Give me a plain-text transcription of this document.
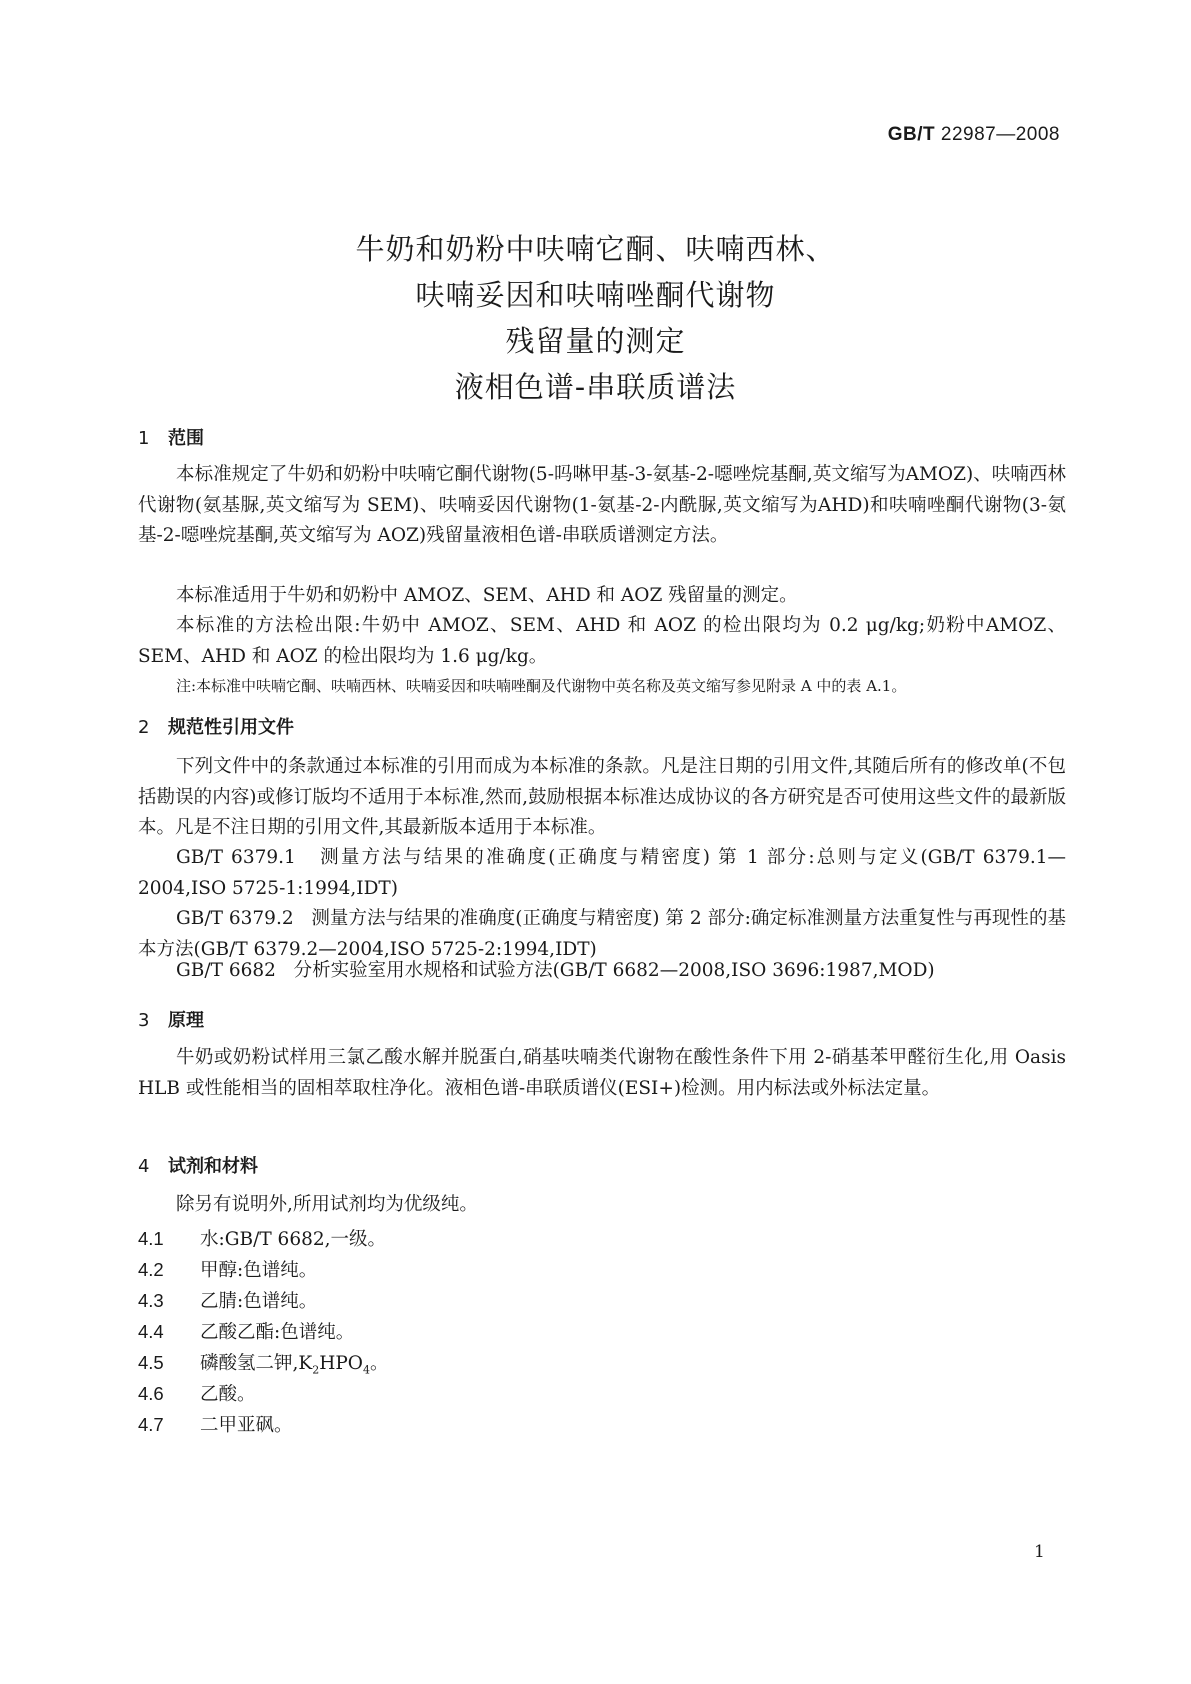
GB/T 22987—2008
牛奶和奶粉中呋喃它酮、呋喃西林、
呋喃妥因和呋喃唑酮代谢物
残留量的测定
液相色谱-串联质谱法
1 范围
本标准规定了牛奶和奶粉中呋喃它酮代谢物(5-吗啉甲基-3-氨基-2-噁唑烷基酮,英文缩写为AMOZ)、呋喃西林代谢物(氨基脲,英文缩写为 SEM)、呋喃妥因代谢物(1-氨基-2-内酰脲,英文缩写为AHD)和呋喃唑酮代谢物(3-氨基-2-噁唑烷基酮,英文缩写为 AOZ)残留量液相色谱-串联质谱测定方法。
本标准适用于牛奶和奶粉中 AMOZ、SEM、AHD 和 AOZ 残留量的测定。
本标准的方法检出限:牛奶中 AMOZ、SEM、AHD 和 AOZ 的检出限均为 0.2 μg/kg;奶粉中AMOZ、SEM、AHD 和 AOZ 的检出限均为 1.6 μg/kg。
注:本标准中呋喃它酮、呋喃西林、呋喃妥因和呋喃唑酮及代谢物中英名称及英文缩写参见附录 A 中的表 A.1。
2 规范性引用文件
下列文件中的条款通过本标准的引用而成为本标准的条款。凡是注日期的引用文件,其随后所有的修改单(不包括勘误的内容)或修订版均不适用于本标准,然而,鼓励根据本标准达成协议的各方研究是否可使用这些文件的最新版本。凡是不注日期的引用文件,其最新版本适用于本标准。
GB/T 6379.1 测量方法与结果的准确度(正确度与精密度) 第 1 部分:总则与定义(GB/T 6379.1—2004,ISO 5725-1:1994,IDT)
GB/T 6379.2 测量方法与结果的准确度(正确度与精密度) 第 2 部分:确定标准测量方法重复性与再现性的基本方法(GB/T 6379.2—2004,ISO 5725-2:1994,IDT)
GB/T 6682 分析实验室用水规格和试验方法(GB/T 6682—2008,ISO 3696:1987,MOD)
3 原理
牛奶或奶粉试样用三氯乙酸水解并脱蛋白,硝基呋喃类代谢物在酸性条件下用 2-硝基苯甲醛衍生化,用 Oasis HLB 或性能相当的固相萃取柱净化。液相色谱-串联质谱仪(ESI+)检测。用内标法或外标法定量。
4 试剂和材料
除另有说明外,所用试剂均为优级纯。
4.1 水:GB/T 6682,一级。
4.2 甲醇:色谱纯。
4.3 乙腈:色谱纯。
4.4 乙酸乙酯:色谱纯。
4.5 磷酸氢二钾$,K_2HPO_4$。
4.6 乙酸。
4.7 二甲亚砜。
1
